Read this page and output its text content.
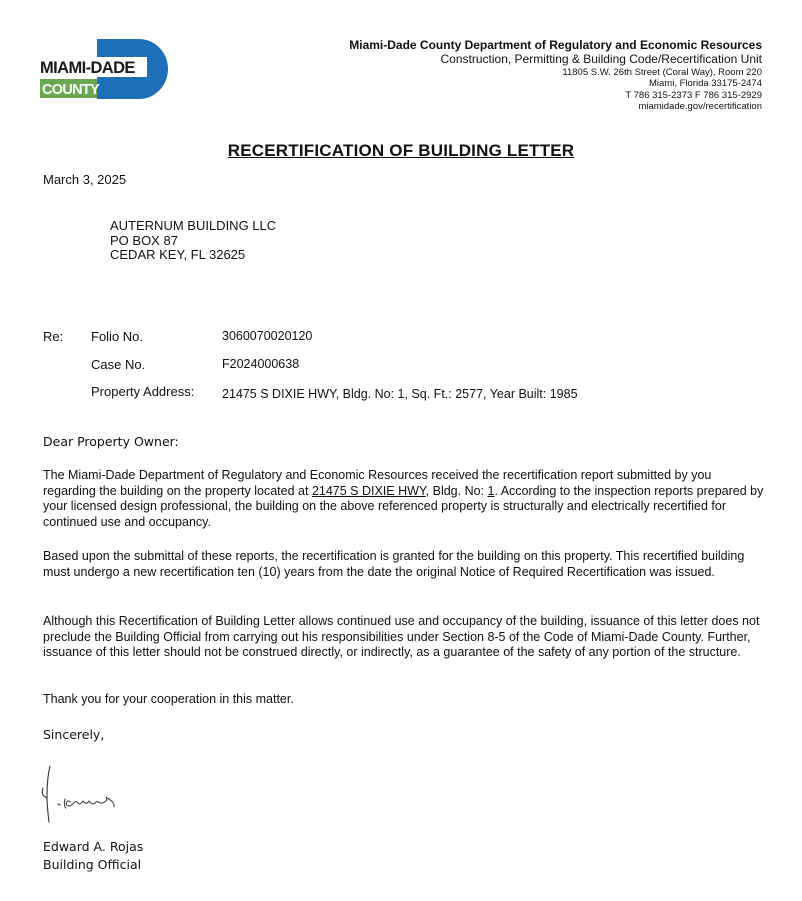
MIAMI-DADE
COUNTY
Miami-Dade County Department of Regulatory and Economic Resources
Construction, Permitting & Building Code/Recertification Unit
11805 S.W. 26th Street (Coral Way), Room 220
Miami, Florida 33175-2474
T 786 315-2373 F 786 315-2929
miamidade.gov/recertification
RECERTIFICATION OF BUILDING LETTER
March 3, 2025
AUTERNUM BUILDING LLC
PO BOX 87
CEDAR KEY, FL 32625
Re: Folio No.	3060070020120
Case No.	F2024000638
Property Address: 21475 S DIXIE HWY, Bldg. No: 1, Sq. Ft.: 2577, Year Built: 1985
Dear Property Owner:
The Miami-Dade Department of Regulatory and Economic Resources received the recertification report submitted by you regarding the building on the property located at 21475 S DIXIE HWY, Bldg. No: 1. According to the inspection reports prepared by your licensed design professional, the building on the above referenced property is structurally and electrically recertified for continued use and occupancy.
Based upon the submittal of these reports, the recertification is granted for the building on this property. This recertified building must undergo a new recertification ten (10) years from the date the original Notice of Required Recertification was issued.
Although this Recertification of Building Letter allows continued use and occupancy of the building, issuance of this letter does not preclude the Building Official from carrying out his responsibilities under Section 8-5 of the Code of Miami-Dade County. Further, issuance of this letter should not be construed directly, or indirectly, as a guarantee of the safety of any portion of the structure.
Thank you for your cooperation in this matter.
Sincerely,
Edward A. Rojas
Building Official
